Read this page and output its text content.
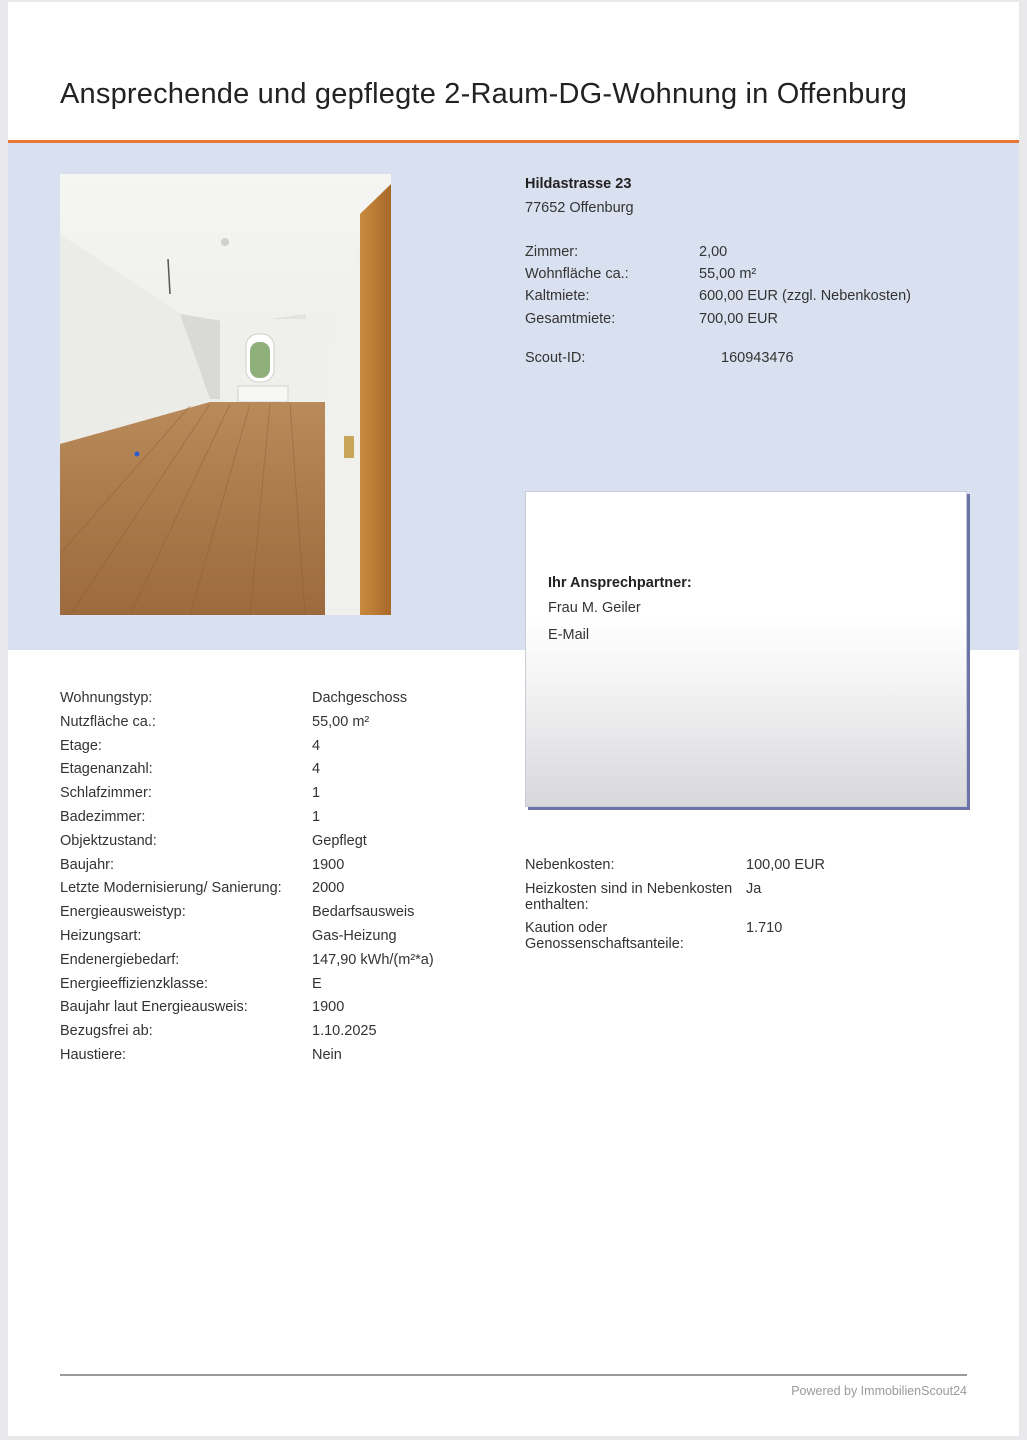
Ansprechende und gepflegte 2-Raum-DG-Wohnung in Offenburg
Hildastrasse 23
77652 Offenburg
Zimmer:	2,00
Wohnfläche ca.:	55,00 m²
Kaltmiete:	600,00 EUR (zzgl. Nebenkosten)
Gesamtmiete:	700,00 EUR
Scout-ID:	160943476
Ihr Ansprechpartner:
Frau M. Geiler
E-Mail
Wohnungstyp:	Dachgeschoss
Nutzfläche ca.:	55,00 m²
Etage:	4
Etagenanzahl:	4
Schlafzimmer:	1
Badezimmer:	1
Objektzustand:	Gepflegt
Baujahr:	1900
Letzte Modernisierung/ Sanierung: 2000
Energieausweistyp:	Bedarfsausweis
Heizungsart:	Gas-Heizung
Endenergiebedarf:	147,90 kWh/(m²*a)
Energieeffizienzklasse:	E
Baujahr laut Energieausweis:	1900
Bezugsfrei ab:	1.10.2025
Haustiere:	Nein
Nebenkosten:	100,00 EUR
Heizkosten sind in Nebenkosten enthalten:
Ja
Kaution oder Genossenschaftsanteile:
1.710
Powered by ImmobilienScout24
